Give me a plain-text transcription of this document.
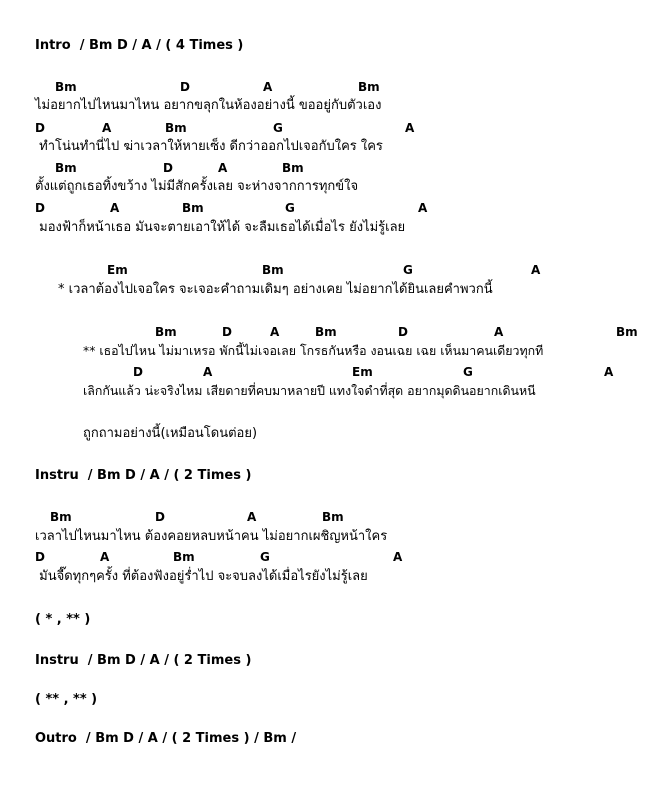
Intro  / Bm D / A / ( 4 Times )
Bm	D	A	Bm
ไม่อยากไปไหนมาไหน อยากขลุกในห้องอย่างนี้ ขออยู่กับตัวเอง
D	A	Bm	G	A
ทำโน่นทำนี่ไป ฆ่าเวลาให้หายเซ็ง ดีกว่าออกไปเจอกับใคร ใคร
Bm	D	A	Bm
ตั้งแต่ถูกเธอทิ้งขว้าง ไม่มีสักครั้งเลย จะห่างจากการทุกข์ใจ
D	A	Bm	G	A
มองฟ้าก็หน้าเธอ มันจะตายเอาให้ได้ จะลืมเธอได้เมื่อไร ยังไม่รู้เลย
Em	Bm	G	A
* เวลาต้องไปเจอใคร จะเจอะคำถามเดิมๆ อย่างเคย ไม่อยากได้ยินเลยคำพวกนี้
Bm	D	A	Bm	D	A	Bm
** เธอไปไหน ไม่มาเหรอ พักนี้ไม่เจอเลย โกรธกันหรือ งอนเฉย เฉย เห็นมาคนเดียวทุกที
D	A	Em	G	A
เลิกกันแล้ว น่ะจริงไหม เสียดายที่คบมาหลายปี แทงใจดำที่สุด อยากมุดดินอยากเดินหนี
ถูกถามอย่างนี้(เหมือนโดนต่อย)
Instru  / Bm D / A / ( 2 Times )
Bm	D	A	Bm
เวลาไปไหนมาไหน ต้องคอยหลบหน้าคน ไม่อยากเผชิญหน้าใคร
D	A	Bm	G	A
มันจี๊ดทุกๆครั้ง ที่ต้องฟังอยู่ร่ำไป จะจบลงได้เมื่อไรยังไม่รู้เลย
( * , ** )
Instru  / Bm D / A / ( 2 Times )
( ** , ** )
Outro  / Bm D / A / ( 2 Times ) / Bm /
